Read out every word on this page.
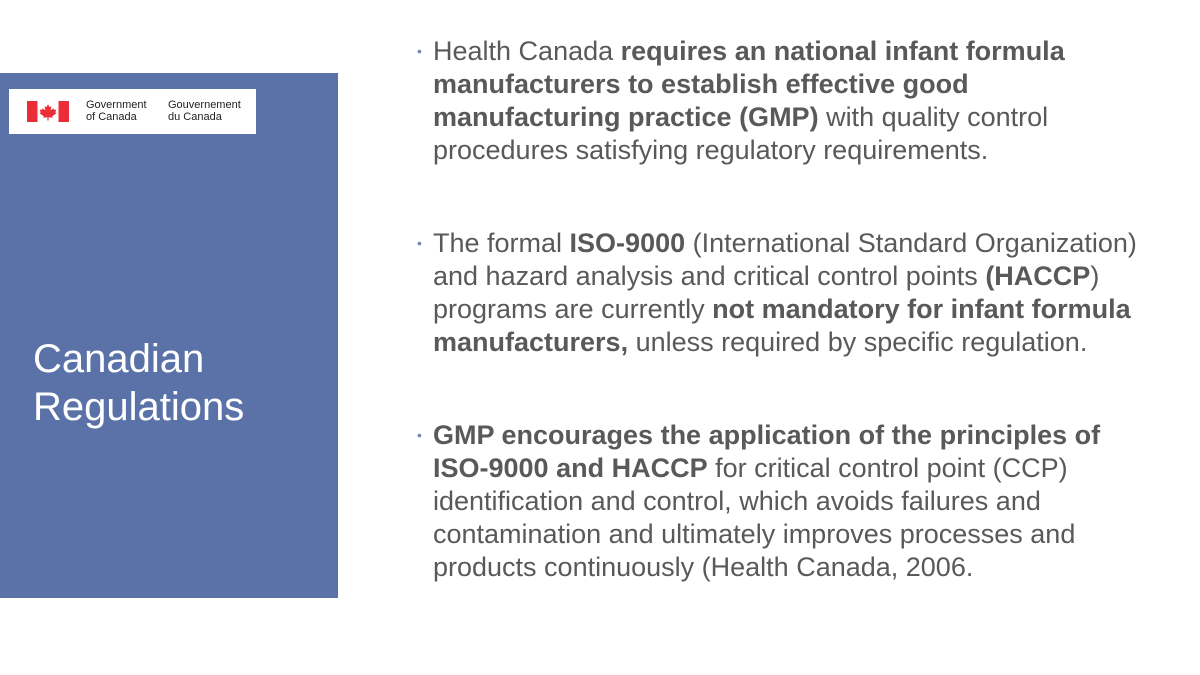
Government
of Canada
Gouvernement
du Canada
Canadian
Regulations
• Health Canada requires an national infant formula manufacturers to establish effective good manufacturing practice (GMP) with quality control procedures satisfying regulatory requirements.
• The formal ISO-9000 (International Standard Organization) and hazard analysis and critical control points (HACCP) programs are currently not mandatory for infant formula manufacturers, unless required by specific regulation.
• GMP encourages the application of the principles of ISO-9000 and HACCP for critical control point (CCP) identification and control, which avoids failures and contamination and ultimately improves processes and products continuously (Health Canada, 2006.
